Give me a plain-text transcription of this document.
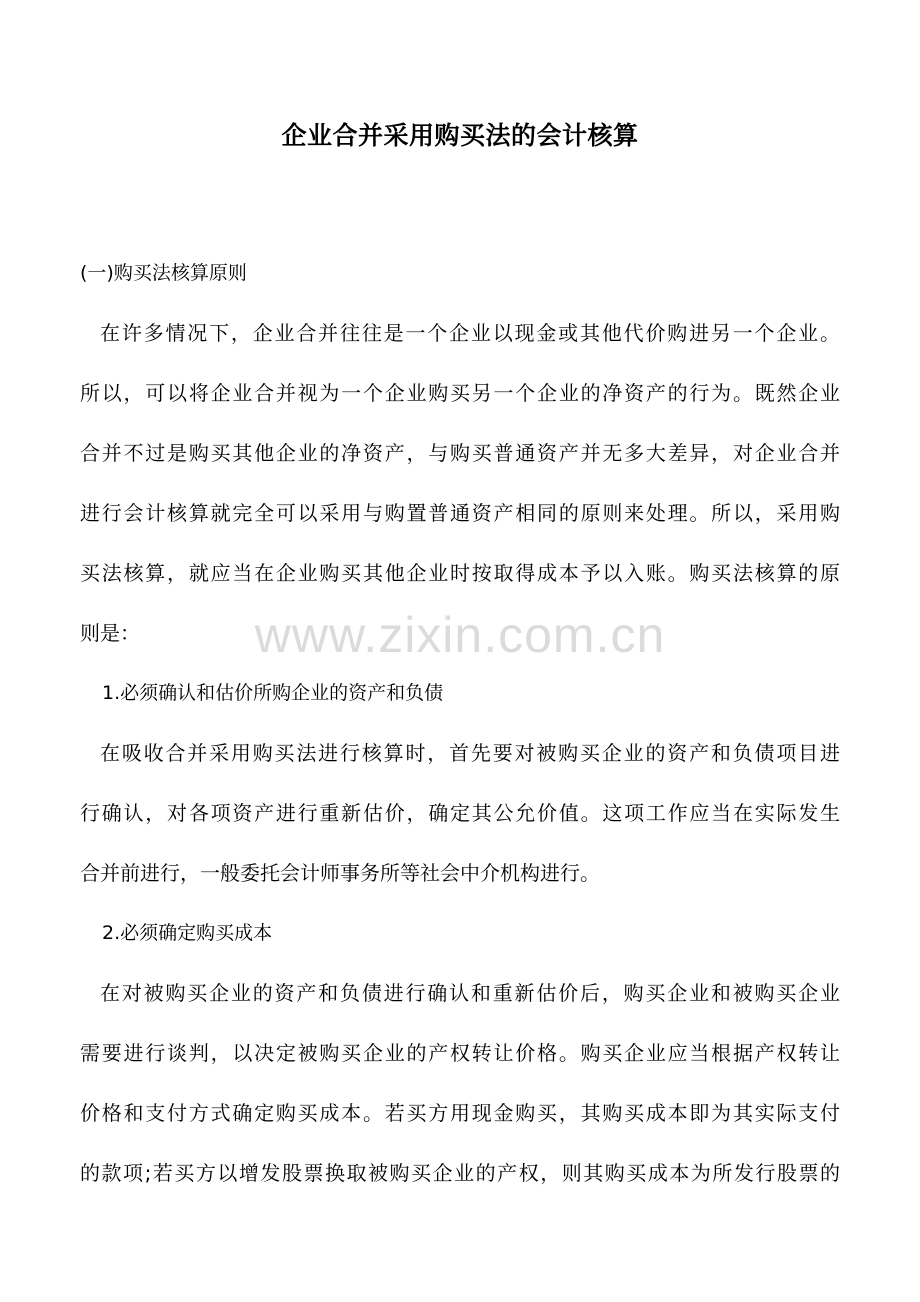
企业合并采用购买法的会计核算

(一)购买法核算原则

在许多情况下，企业合并往往是一个企业以现金或其他代价购进另一个企业。

所以，可以将企业合并视为一个企业购买另一个企业的净资产的行为。既然企业

合并不过是购买其他企业的净资产，与购买普通资产并无多大差异，对企业合并

进行会计核算就完全可以采用与购置普通资产相同的原则来处理。所以，采用购

买法核算，就应当在企业购买其他企业时按取得成本予以入账。购买法核算的原

则是：

1.必须确认和估价所购企业的资产和负债

在吸收合并采用购买法进行核算时，首先要对被购买企业的资产和负债项目进

行确认，对各项资产进行重新估价，确定其公允价值。这项工作应当在实际发生

合并前进行，一般委托会计师事务所等社会中介机构进行。

2.必须确定购买成本

在对被购买企业的资产和负债进行确认和重新估价后，购买企业和被购买企业

需要进行谈判，以决定被购买企业的产权转让价格。购买企业应当根据产权转让

价格和支付方式确定购买成本。若买方用现金购买，其购买成本即为其实际支付

的款项;若买方以增发股票换取被购买企业的产权，则其购买成本为所发行股票的

www.zixin.com.cn
